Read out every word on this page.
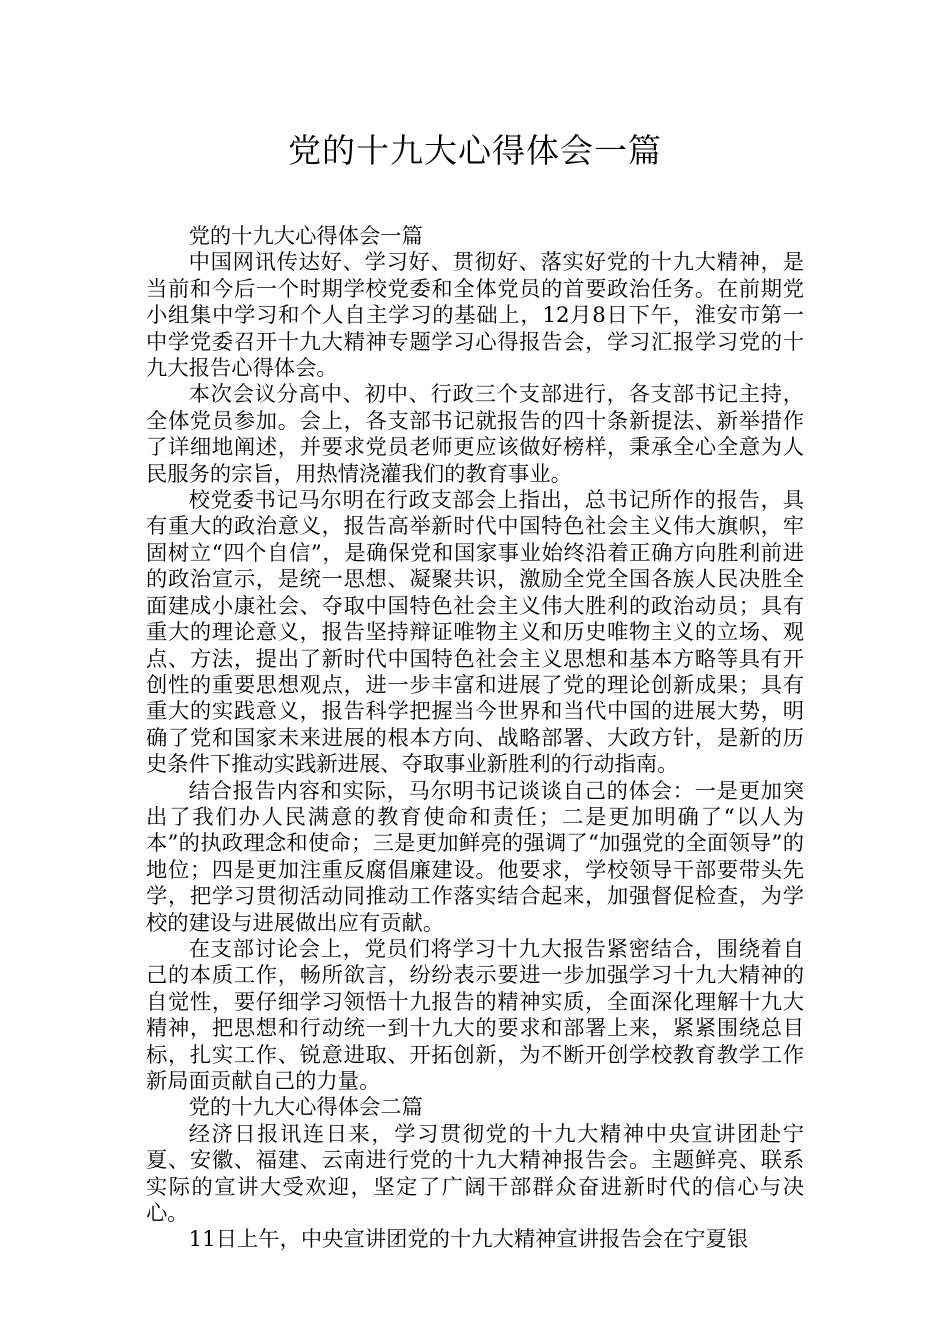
党的十九大心得体会一篇

党的十九大心得体会一篇

中国网讯传达好、学习好、贯彻好、落实好党的十九大精神，是当前和今后一个时期学校党委和全体党员的首要政治任务。在前期党小组集中学习和个人自主学习的基础上，12月8日下午，淮安市第一中学党委召开十九大精神专题学习心得报告会，学习汇报学习党的十九大报告心得体会。

本次会议分高中、初中、行政三个支部进行，各支部书记主持，全体党员参加。会上，各支部书记就报告的四十条新提法、新举措作了详细地阐述，并要求党员老师更应该做好榜样，秉承全心全意为人民服务的宗旨，用热情浇灌我们的教育事业。

校党委书记马尔明在行政支部会上指出，总书记所作的报告，具有重大的政治意义，报告高举新时代中国特色社会主义伟大旗帜，牢固树立“四个自信”，是确保党和国家事业始终沿着正确方向胜利前进的政治宣示，是统一思想、凝聚共识，激励全党全国各族人民决胜全面建成小康社会、夺取中国特色社会主义伟大胜利的政治动员；具有重大的理论意义，报告坚持辩证唯物主义和历史唯物主义的立场、观点、方法，提出了新时代中国特色社会主义思想和基本方略等具有开创性的重要思想观点，进一步丰富和进展了党的理论创新成果；具有重大的实践意义，报告科学把握当今世界和当代中国的进展大势，明确了党和国家未来进展的根本方向、战略部署、大政方针，是新的历史条件下推动实践新进展、夺取事业新胜利的行动指南。

结合报告内容和实际，马尔明书记谈谈自己的体会：一是更加突出了我们办人民满意的教育使命和责任；二是更加明确了“以人为本”的执政理念和使命；三是更加鲜亮的强调了“加强党的全面领导”的地位；四是更加注重反腐倡廉建设。他要求，学校领导干部要带头先学，把学习贯彻活动同推动工作落实结合起来，加强督促检查，为学校的建设与进展做出应有贡献。

在支部讨论会上，党员们将学习十九大报告紧密结合，围绕着自己的本质工作，畅所欲言，纷纷表示要进一步加强学习十九大精神的自觉性，要仔细学习领悟十九报告的精神实质，全面深化理解十九大精神，把思想和行动统一到十九大的要求和部署上来，紧紧围绕总目标，扎实工作、锐意进取、开拓创新，为不断开创学校教育教学工作新局面贡献自己的力量。

党的十九大心得体会二篇

经济日报讯连日来，学习贯彻党的十九大精神中央宣讲团赴宁夏、安徽、福建、云南进行党的十九大精神报告会。主题鲜亮、联系实际的宣讲大受欢迎，坚定了广阔干部群众奋进新时代的信心与决心。

11日上午，中央宣讲团党的十九大精神宣讲报告会在宁夏银
